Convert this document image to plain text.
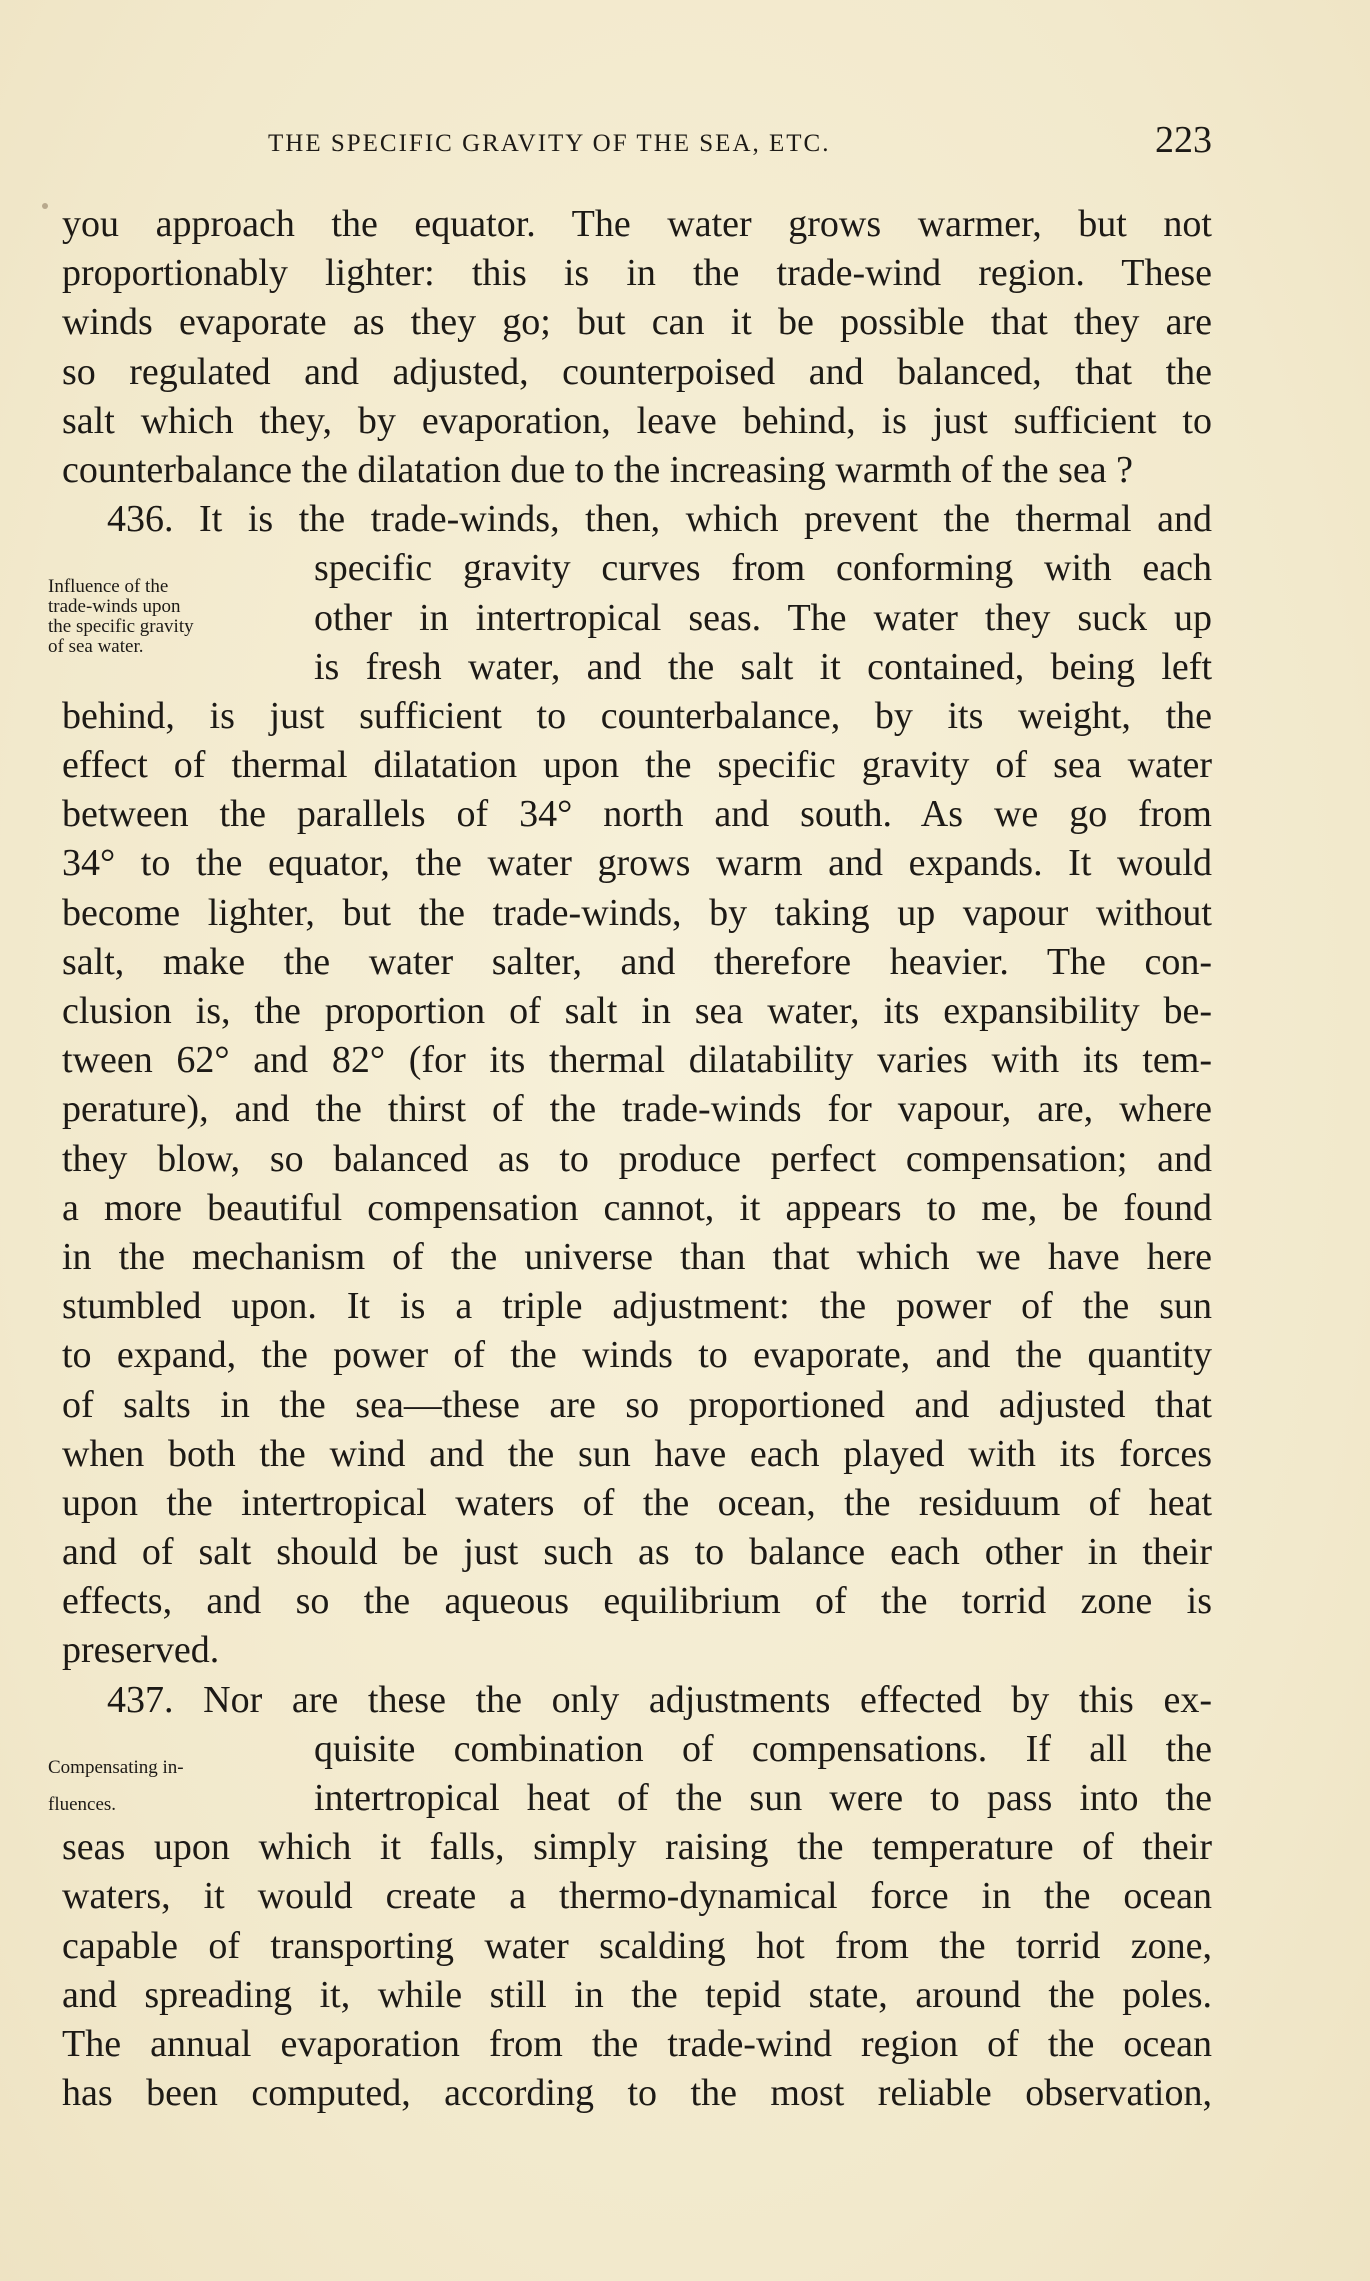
THE SPECIFIC GRAVITY OF THE SEA, ETC.	223
Influence of the
trade-winds upon
the specific gravity
of sea water.
Compensating in-
fluences.
you approach the equator. The water grows warmer, but not
proportionably lighter: this is in the trade-wind region. These
winds evaporate as they go; but can it be possible that they are
so regulated and adjusted, counterpoised and balanced, that the
salt which they, by evaporation, leave behind, is just sufficient to
counterbalance the dilatation due to the increasing warmth of the sea ?
436. It is the trade-winds, then, which prevent the thermal and
specific gravity curves from conforming with each
other in intertropical seas. The water they suck up
is fresh water, and the salt it contained, being left
behind, is just sufficient to counterbalance, by its weight, the
effect of thermal dilatation upon the specific gravity of sea water
between the parallels of 34° north and south. As we go from
34° to the equator, the water grows warm and expands. It would
become lighter, but the trade-winds, by taking up vapour without
salt, make the water salter, and therefore heavier. The con-
clusion is, the proportion of salt in sea water, its expansibility be-
tween 62° and 82° (for its thermal dilatability varies with its tem-
perature), and the thirst of the trade-winds for vapour, are, where
they blow, so balanced as to produce perfect compensation; and
a more beautiful compensation cannot, it appears to me, be found
in the mechanism of the universe than that which we have here
stumbled upon. It is a triple adjustment: the power of the sun
to expand, the power of the winds to evaporate, and the quantity
of salts in the sea—these are so proportioned and adjusted that
when both the wind and the sun have each played with its forces
upon the intertropical waters of the ocean, the residuum of heat
and of salt should be just such as to balance each other in their
effects, and so the aqueous equilibrium of the torrid zone is
preserved.
437. Nor are these the only adjustments effected by this ex-
quisite combination of compensations. If all the
intertropical heat of the sun were to pass into the
seas upon which it falls, simply raising the temperature of their
waters, it would create a thermo-dynamical force in the ocean
capable of transporting water scalding hot from the torrid zone,
and spreading it, while still in the tepid state, around the poles.
The annual evaporation from the trade-wind region of the ocean
has been computed, according to the most reliable observation,
